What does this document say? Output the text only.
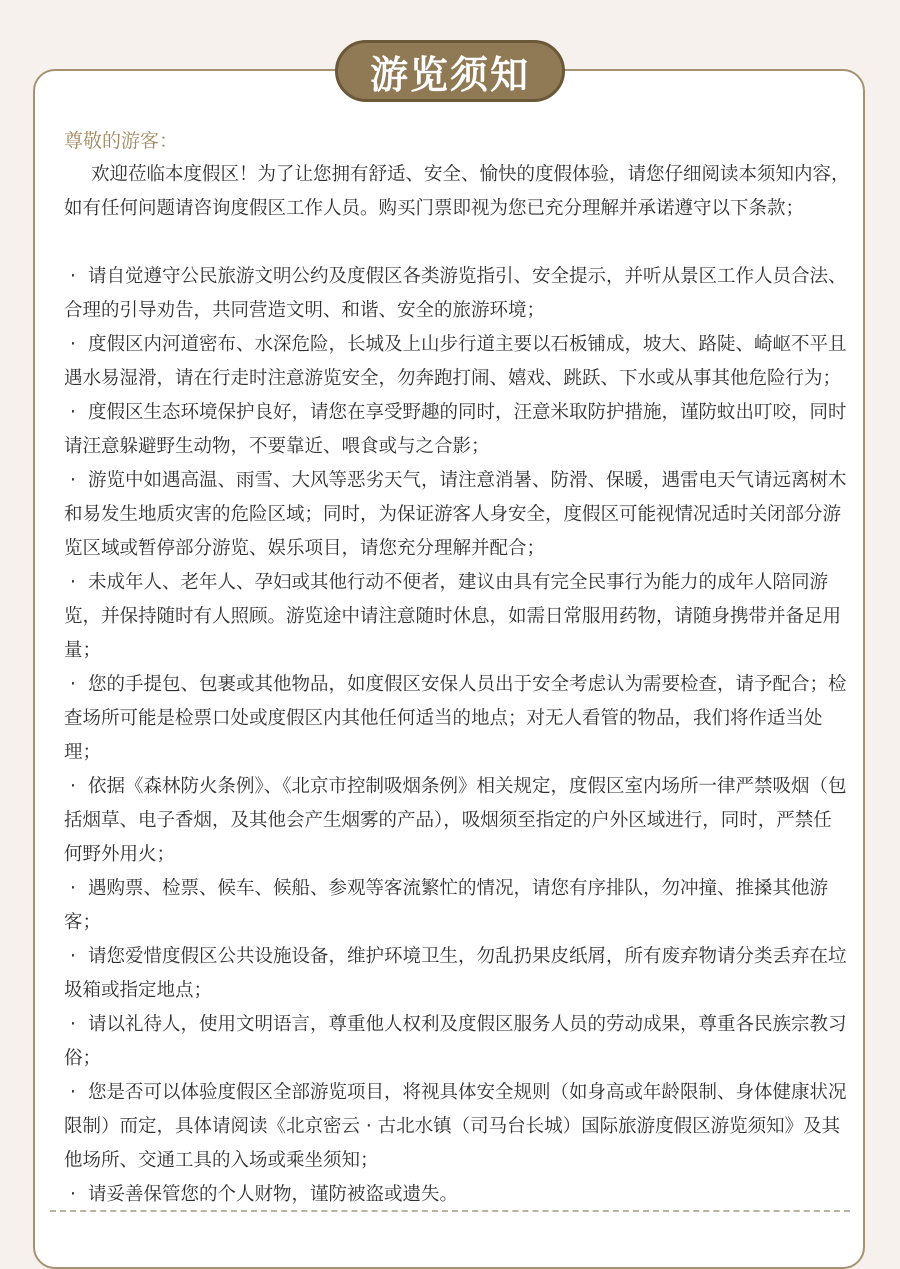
游览须知

尊敬的游客：

欢迎莅临本度假区！为了让您拥有舒适、安全、愉快的度假体验，请您仔细阅读本须知内容，如有任何问题请咨询度假区工作人员。购买门票即视为您已充分理解并承诺遵守以下条款；

· 请自觉遵守公民旅游文明公约及度假区各类游览指引、安全提示，并听从景区工作人员合法、合理的引导劝告，共同营造文明、和谐、安全的旅游环境；
· 度假区内河道密布、水深危险，长城及上山步行道主要以石板铺成，坡大、路陡、崎岖不平且遇水易湿滑，请在行走时注意游览安全，勿奔跑打闹、嬉戏、跳跃、下水或从事其他危险行为；
· 度假区生态环境保护良好，请您在享受野趣的同时，汪意米取防护措施，谨防蚊出叮咬，同时请汪意躲避野生动物，不要靠近、喂食或与之合影；
· 游览中如遇高温、雨雪、大风等恶劣天气，请注意消暑、防滑、保暖，遇雷电天气请远离树木和易发生地质灾害的危险区域；同时，为保证游客人身安全，度假区可能视情况适时关闭部分游览区域或暂停部分游览、娱乐项目，请您充分理解并配合；
· 未成年人、老年人、孕妇或其他行动不便者，建议由具有完全民事行为能力的成年人陪同游览，并保持随时有人照顾。游览途中请注意随时休息，如需日常服用药物，请随身携带并备足用量；
· 您的手提包、包裹或其他物品，如度假区安保人员出于安全考虑认为需要检查，请予配合；检查场所可能是检票口处或度假区内其他任何适当的地点；对无人看管的物品，我们将作适当处理；
· 依据《森林防火条例》、《北京市控制吸烟条例》相关规定，度假区室内场所一律严禁吸烟（包括烟草、电子香烟，及其他会产生烟雾的产品），吸烟须至指定的户外区域进行，同时，严禁任何野外用火；
· 遇购票、检票、候车、候船、参观等客流繁忙的情况，请您有序排队，勿冲撞、推搡其他游客；
· 请您爱惜度假区公共设施设备，维护环境卫生，勿乱扔果皮纸屑，所有废弃物请分类丢弃在垃圾箱或指定地点；
· 请以礼待人，使用文明语言，尊重他人权利及度假区服务人员的劳动成果，尊重各民族宗教习俗；
· 您是否可以体验度假区全部游览项目，将视具体安全规则（如身高或年龄限制、身体健康状况限制）而定，具体请阅读《北京密云 · 古北水镇（司马台长城）国际旅游度假区游览须知》及其他场所、交通工具的入场或乘坐须知；
· 请妥善保管您的个人财物，谨防被盗或遗失。
